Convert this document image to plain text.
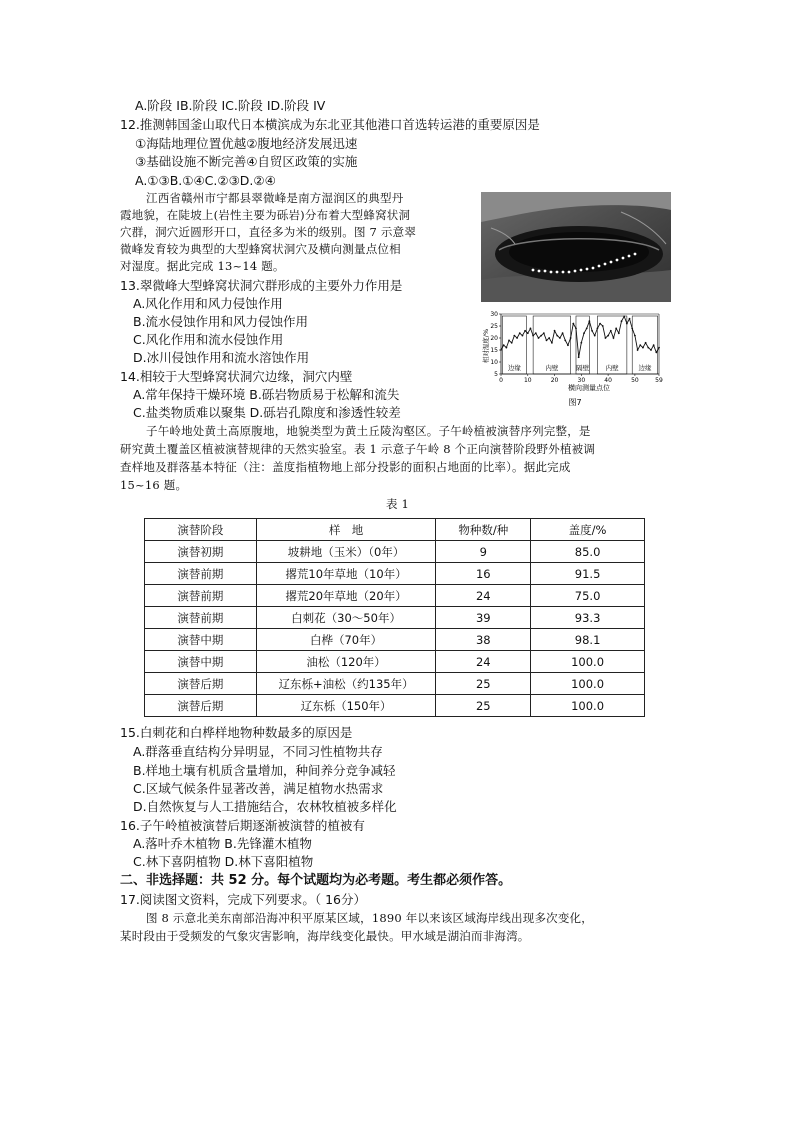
A.阶段 IB.阶段 IC.阶段 ID.阶段 IV
12.推测韩国釜山取代日本横滨成为东北亚其他港口首选转运港的重要原因是
①海陆地理位置优越②腹地经济发展迅速
③基础设施不断完善④自贸区政策的实施
A.①③B.①④C.②③D.②④
江西省赣州市宁都县翠微峰是南方湿润区的典型丹
霞地貌，在陡坡上(岩性主要为砾岩)分布着大型蜂窝状洞
穴群，洞穴近圆形开口，直径多为米的级别。图 7 示意翠
微峰发育较为典型的大型蜂窝状洞穴及横向测量点位相
对湿度。据此完成 13~14 题。
13.翠微峰大型蜂窝状洞穴群形成的主要外力作用是
A.风化作用和风力侵蚀作用
B.流水侵蚀作用和风力侵蚀作用
C.风化作用和流水侵蚀作用
D.冰川侵蚀作用和流水溶蚀作用
14.相较于大型蜂窝状洞穴边缘，洞穴内壁
A.常年保持干燥环境 B.砾岩物质易于松解和流失
C.盐类物质难以聚集 D.砾岩孔隙度和渗透性较差
边缘	内壁	隔壁	内壁	边缘
5
10
15
20
25
30
0	10	20	30	40	50	59
相对湿度/%
横向测量点位
图7
子午岭地处黄土高原腹地，地貌类型为黄土丘陵沟壑区。子午岭植被演替序列完整，是
研究黄土覆盖区植被演替规律的天然实验室。表 1 示意子午岭 8 个正向演替阶段野外植被调
查样地及群落基本特征（注：盖度指植物地上部分投影的面积占地面的比率）。据此完成
15~16 题。
表 1
演替阶段	样　地	物种数/种	盖度/%
演替初期	坡耕地（玉米）（0年）	9	85.0
演替前期	撂荒10年草地（10年）	16	91.5
演替前期	撂荒20年草地（20年）	24	75.0
演替前期	白刺花（30～50年）	39	93.3
演替中期	白桦（70年）	38	98.1
演替中期	油松（120年）	24	100.0
演替后期	辽东栎+油松（约135年）	25	100.0
演替后期	辽东栎（150年）	25	100.0
15.白刺花和白桦样地物种数最多的原因是
A.群落垂直结构分异明显，不同习性植物共存
B.样地土壤有机质含量增加，种间养分竞争减轻
C.区域气候条件显著改善，满足植物水热需求
D.自然恢复与人工措施结合，农林牧植被多样化
16.子午岭植被演替后期逐渐被演替的植被有
A.落叶乔木植物 B.先锋灌木植物
C.林下喜阴植物 D.林下喜阳植物
二、非选择题：共 52 分。每个试题均为必考题。考生都必须作答。
17.阅读图文资料，完成下列要求。（ 16分）
图 8 示意北美东南部沿海冲积平原某区域，1890 年以来该区域海岸线出现多次变化，
某时段由于受频发的气象灾害影响，海岸线变化最快。甲水域是湖泊而非海湾。
